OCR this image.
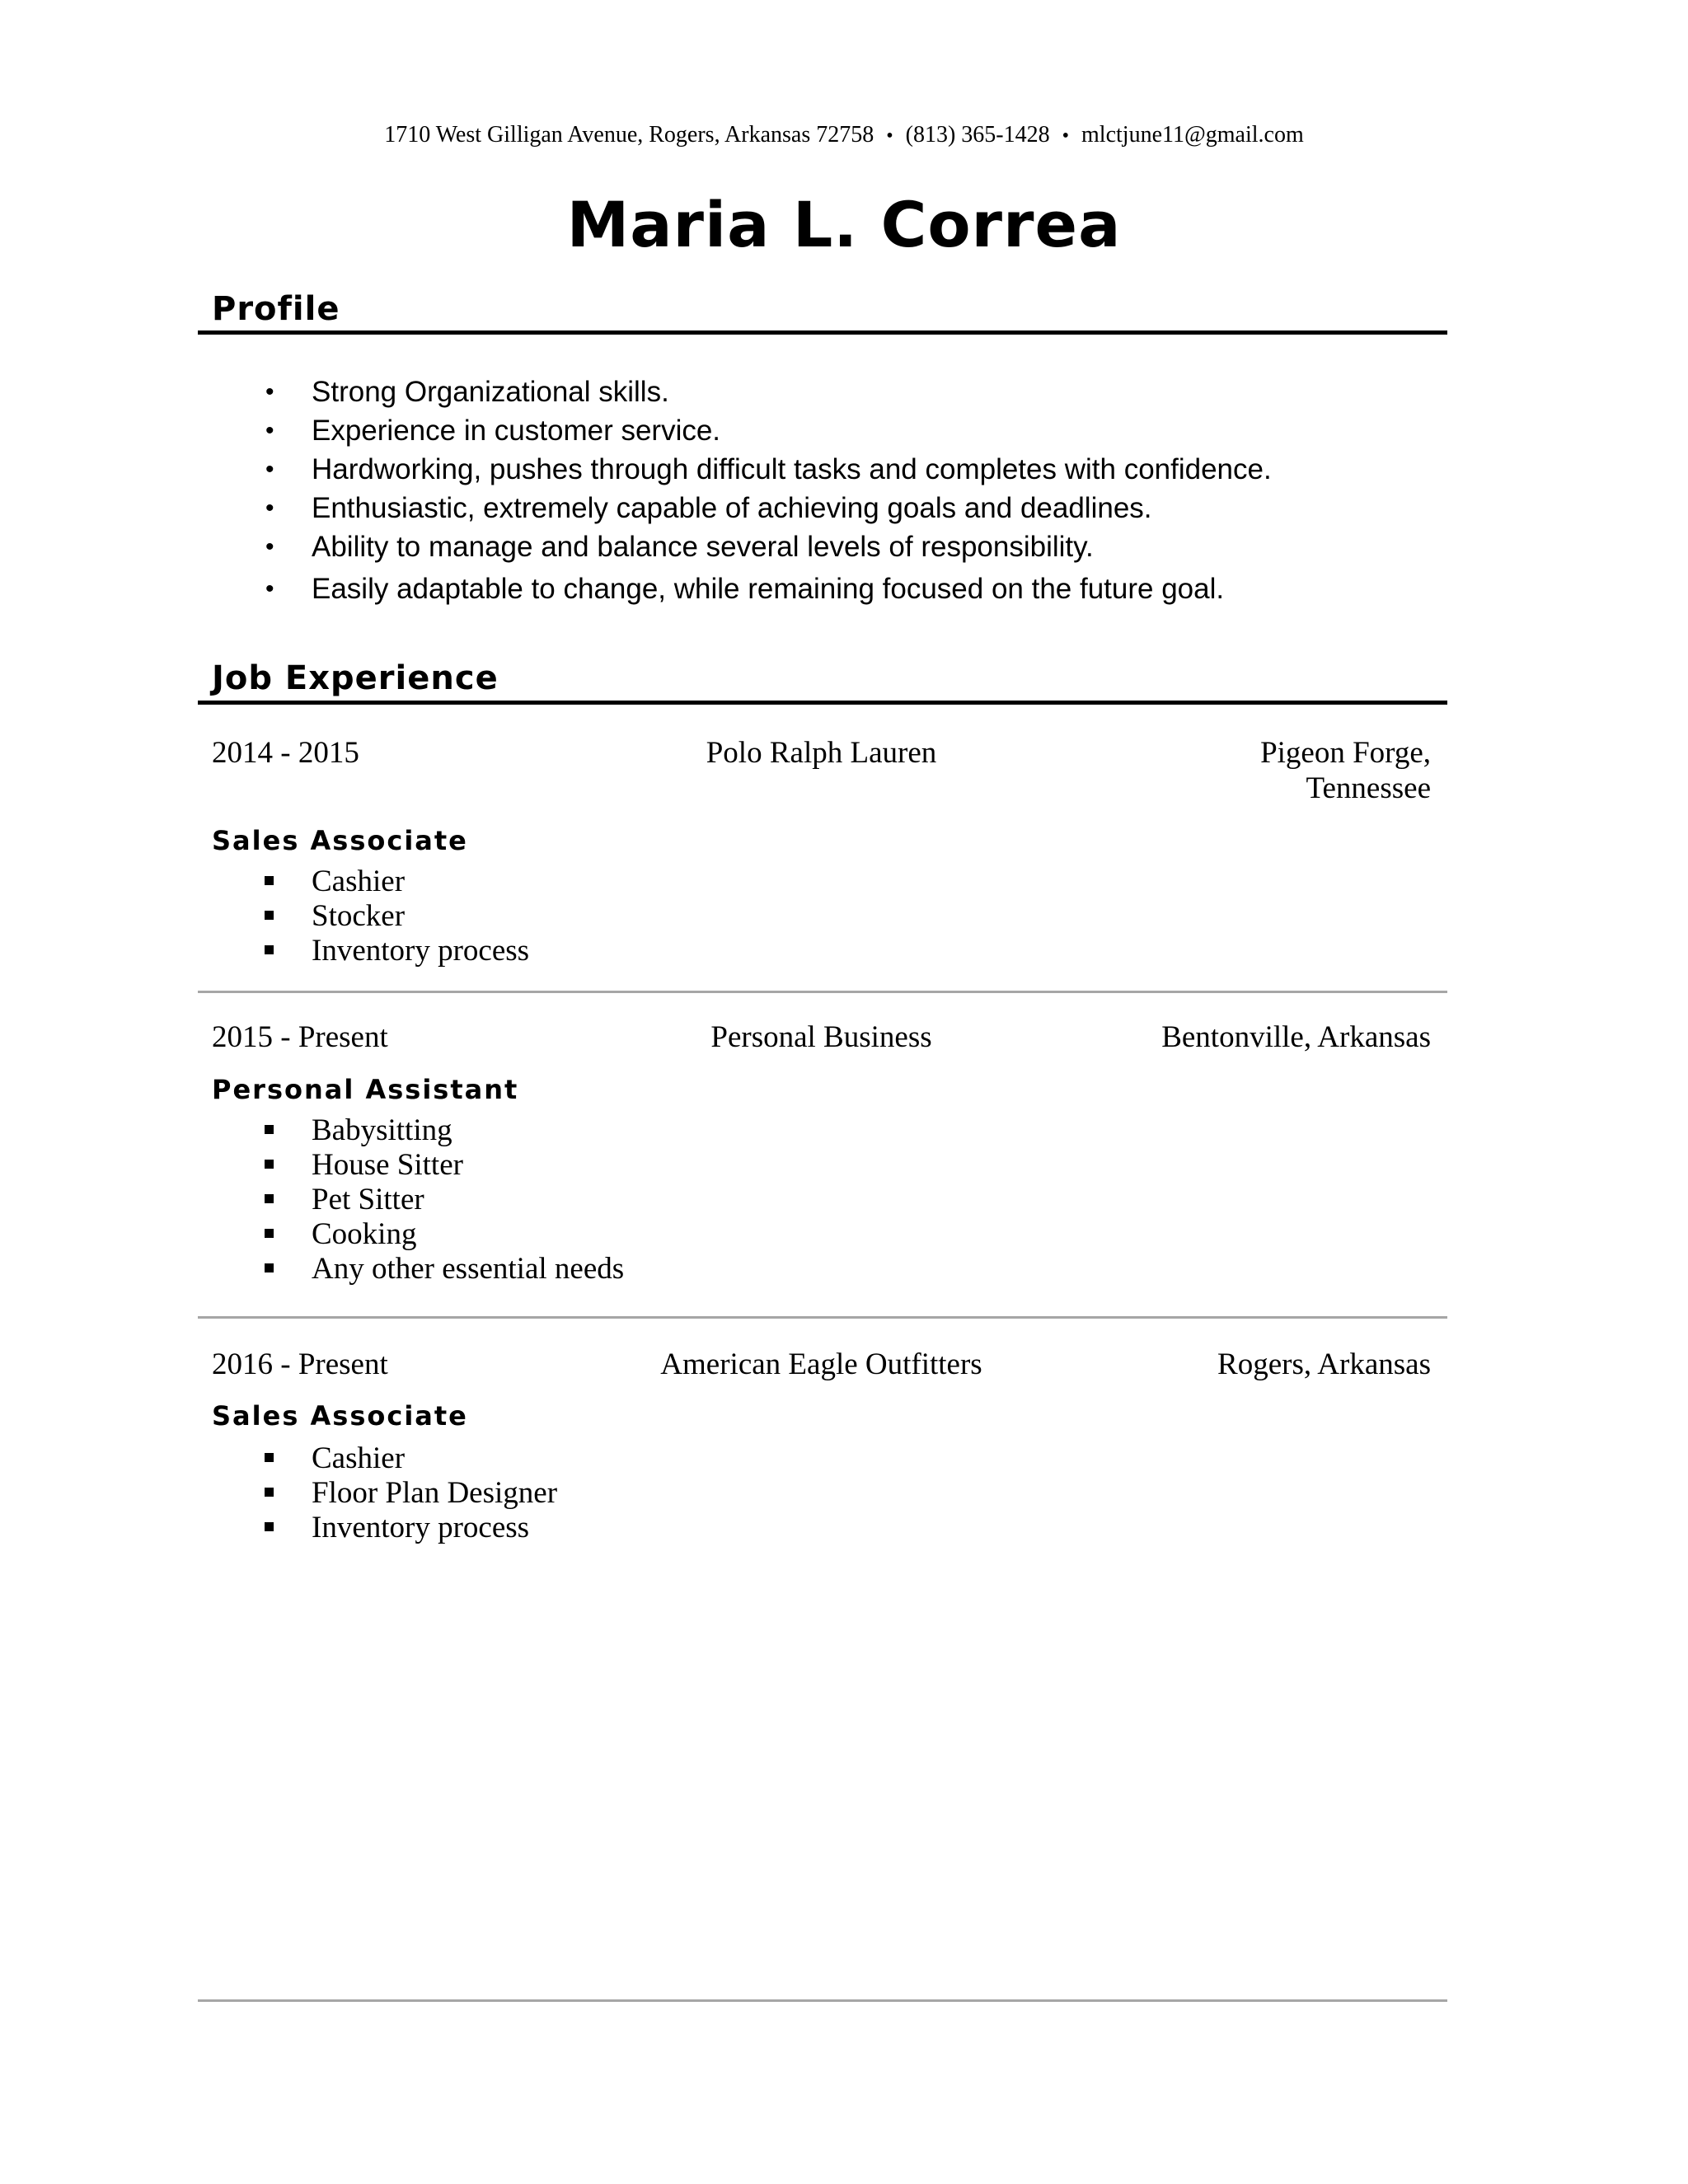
1710 West Gilligan Avenue, Rogers, Arkansas 72758 • (813) 365-1428 • mlctjune11@gmail.com
Maria L. Correa
Profile
• Strong Organizational skills.
• Experience in customer service.
• Hardworking, pushes through difficult tasks and completes with confidence.
• Enthusiastic, extremely capable of achieving goals and deadlines.
• Ability to manage and balance several levels of responsibility.
• Easily adaptable to change, while remaining focused on the future goal.
Job Experience
2014 - 2015	Polo Ralph Lauren	Pigeon Forge,
Tennessee
Sales Associate
Cashier
Stocker
Inventory process
2015 - Present	Personal Business	Bentonville, Arkansas
Personal Assistant
Babysitting
House Sitter
Pet Sitter
Cooking
Any other essential needs
2016 - Present	American Eagle Outfitters	Rogers, Arkansas
Sales Associate
Cashier
Floor Plan Designer
Inventory process
